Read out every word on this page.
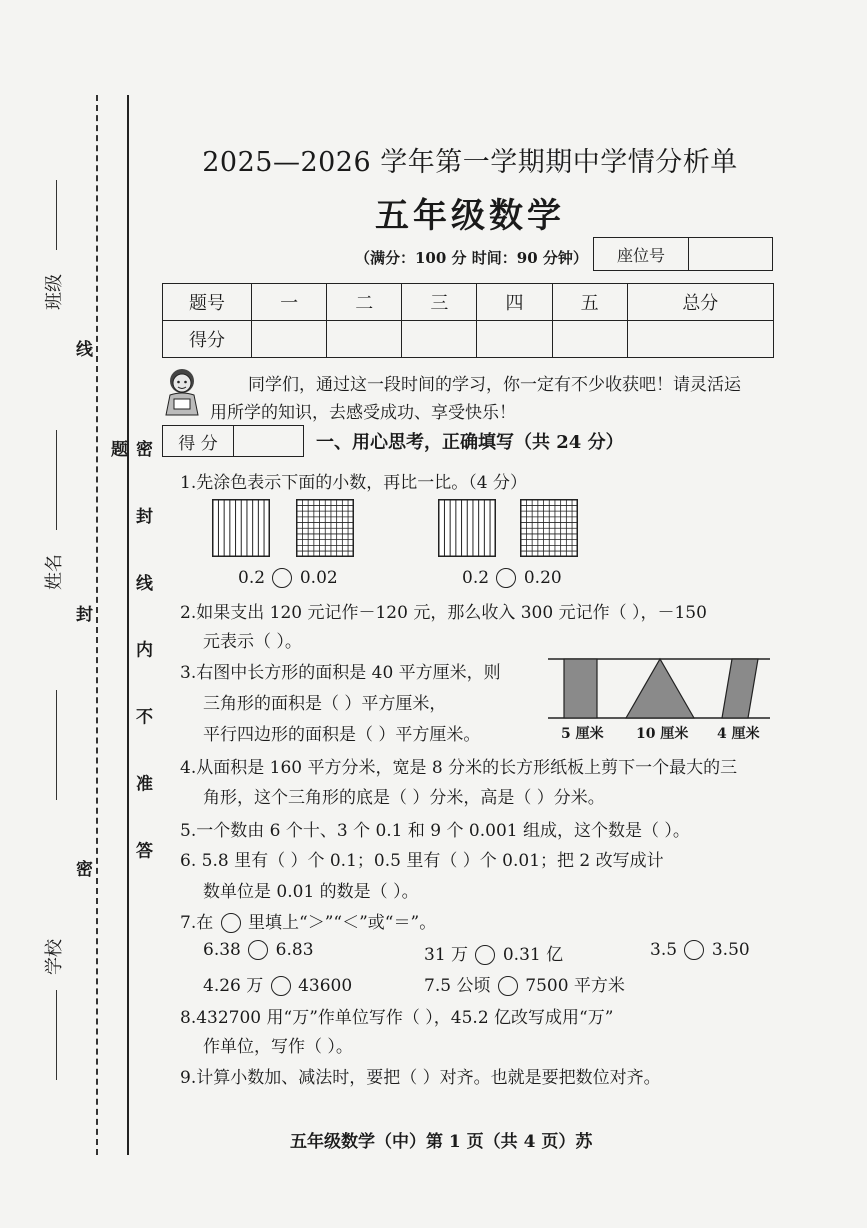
密 封 线 内 不 准 答 题
密
封
线
班级
姓名
学校
2025—2026 学年第一学期期中学情分析单
五年级数学
（满分：100 分 时间：90 分钟）	座位号
题号	一	二	三	四	五	总分
得分						
同学们，通过这一段时间的学习，你一定有不少收获吧！请灵活运
用所学的知识，去感受成功、享受快乐！
得 分	一、用心思考，正确填写（共 24 分）
1.先涂色表示下面的小数，再比一比。（4 分）
0.2 0.02	0.2 0.20
2.如果支出 120 元记作－120 元，那么收入 300 元记作（ ），－150
元表示（ ）。
3.右图中长方形的面积是 40 平方厘米，则
三角形的面积是（ ）平方厘米，
平行四边形的面积是（ ）平方厘米。	5 厘米 10 厘米 4 厘米
4.从面积是 160 平方分米，宽是 8 分米的长方形纸板上剪下一个最大的三
角形，这个三角形的底是（ ）分米，高是（ ）分米。
5.一个数由 6 个十、3 个 0.1 和 9 个 0.001 组成，这个数是（ ）。
6. 5.8 里有（ ）个 0.1；0.5 里有（ ）个 0.01；把 2 改写成计
数单位是 0.01 的数是（ ）。
7.在 里填上“＞”“＜”或“＝”。
6.38 6.83	31 万 0.31 亿	3.5 3.50
4.26 万 43600	7.5 公顷 7500 平方米
8.432700 用“万”作单位写作（ ），45.2 亿改写成用“万”
作单位，写作（ ）。
9.计算小数加、减法时，要把（ ）对齐。也就是要把数位对齐。
五年级数学（中）第 1 页（共 4 页）苏
